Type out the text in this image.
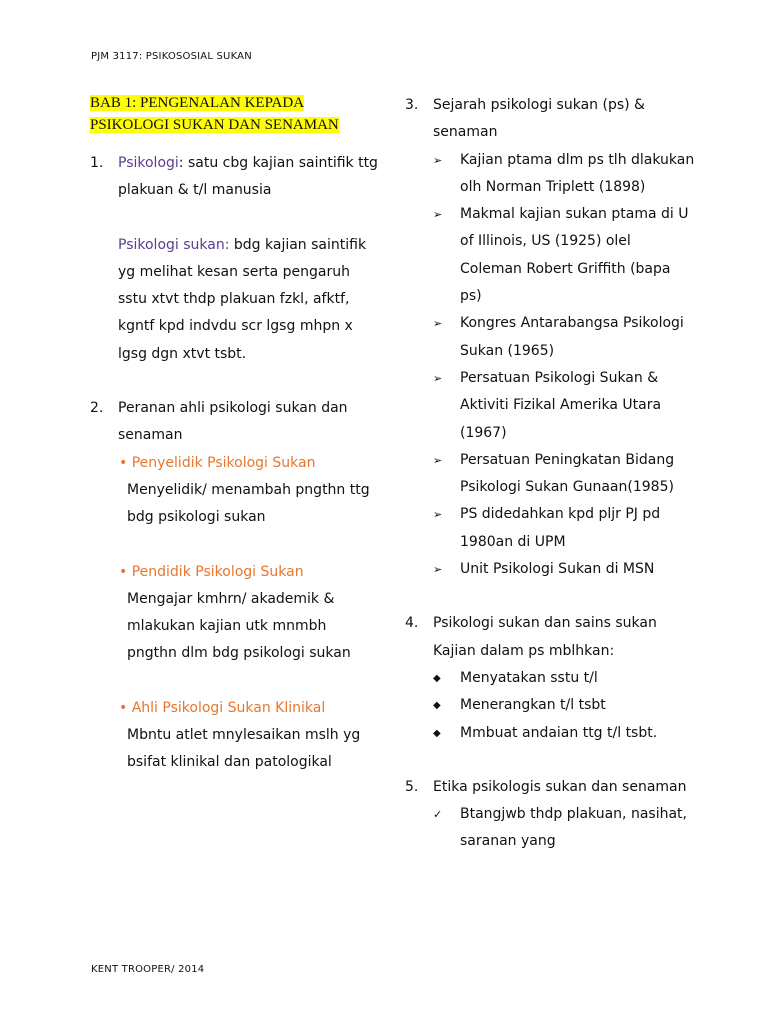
PJM 3117: PSIKOSOSIAL SUKAN
BAB 1: PENGENALAN KEPADA
PSIKOLOGI SUKAN DAN SENAMAN
1.	Psikologi: satu cbg kajian saintifik ttg plakuan & t/l manusia
Psikologi sukan: bdg kajian saintifik yg melihat kesan serta pengaruh sstu xtvt thdp plakuan fzkl, afktf, kgntf kpd indvdu scr lgsg mhpn x lgsg dgn xtvt tsbt.
2.	Peranan ahli psikologi sukan dan senaman
• Penyelidik Psikologi Sukan
Menyelidik/ menambah pngthn ttg bdg psikologi sukan
• Pendidik Psikologi Sukan
Mengajar kmhrn/ akademik & mlakukan kajian utk mnmbh pngthn dlm bdg psikologi sukan
• Ahli Psikologi Sukan Klinikal
Mbntu atlet mnylesaikan mslh yg bsifat klinikal dan patologikal
3.	Sejarah psikologi sukan (ps) & senaman
➢	Kajian ptama dlm ps tlh dlakukan olh Norman Triplett (1898)
➢	Makmal kajian sukan ptama di U of Illinois, US (1925) olel Coleman Robert Griffith (bapa ps)
➢	Kongres Antarabangsa Psikologi Sukan (1965)
➢	Persatuan Psikologi Sukan & Aktiviti Fizikal Amerika Utara (1967)
➢	Persatuan Peningkatan Bidang Psikologi Sukan Gunaan(1985)
➢	PS didedahkan kpd pljr PJ pd 1980an di UPM
➢	Unit Psikologi Sukan di MSN
4.	Psikologi sukan dan sains sukan
Kajian dalam ps mblhkan:
◆	Menyatakan sstu t/l
◆	Menerangkan t/l tsbt
◆	Mmbuat andaian ttg t/l tsbt.
5.	Etika psikologis sukan dan senaman
✓	Btangjwb thdp plakuan, nasihat, saranan yang
KENT TROOPER/ 2014
